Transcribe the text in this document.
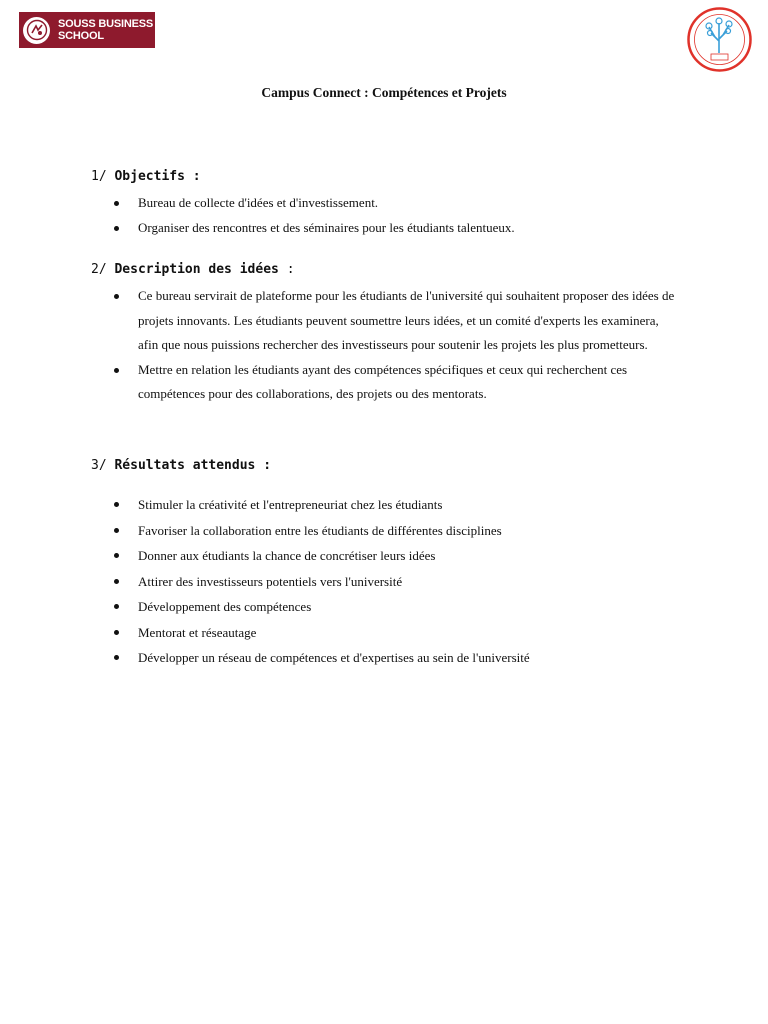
SOUSS BUSINESS
SCHOOL
Campus Connect : Compétences et Projets
1/ Objectifs :
Bureau de collecte d'idées et d'investissement.
Organiser des rencontres et des séminaires pour les étudiants talentueux.
2/ Description des idées :
Ce bureau servirait de plateforme pour les étudiants de l'université qui souhaitent proposer des idées de projets innovants. Les étudiants peuvent soumettre leurs idées, et un comité d'experts les examinera, afin que nous puissions rechercher des investisseurs pour soutenir les projets les plus prometteurs.
Mettre en relation les étudiants ayant des compétences spécifiques et ceux qui recherchent ces compétences pour des collaborations, des projets ou des mentorats.
3/ Résultats attendus :
Stimuler la créativité et l'entrepreneuriat chez les étudiants
Favoriser la collaboration entre les étudiants de différentes disciplines
Donner aux étudiants la chance de concrétiser leurs idées
Attirer des investisseurs potentiels vers l'université
Développement des compétences
Mentorat et réseautage
Développer un réseau de compétences et d'expertises au sein de l'université
